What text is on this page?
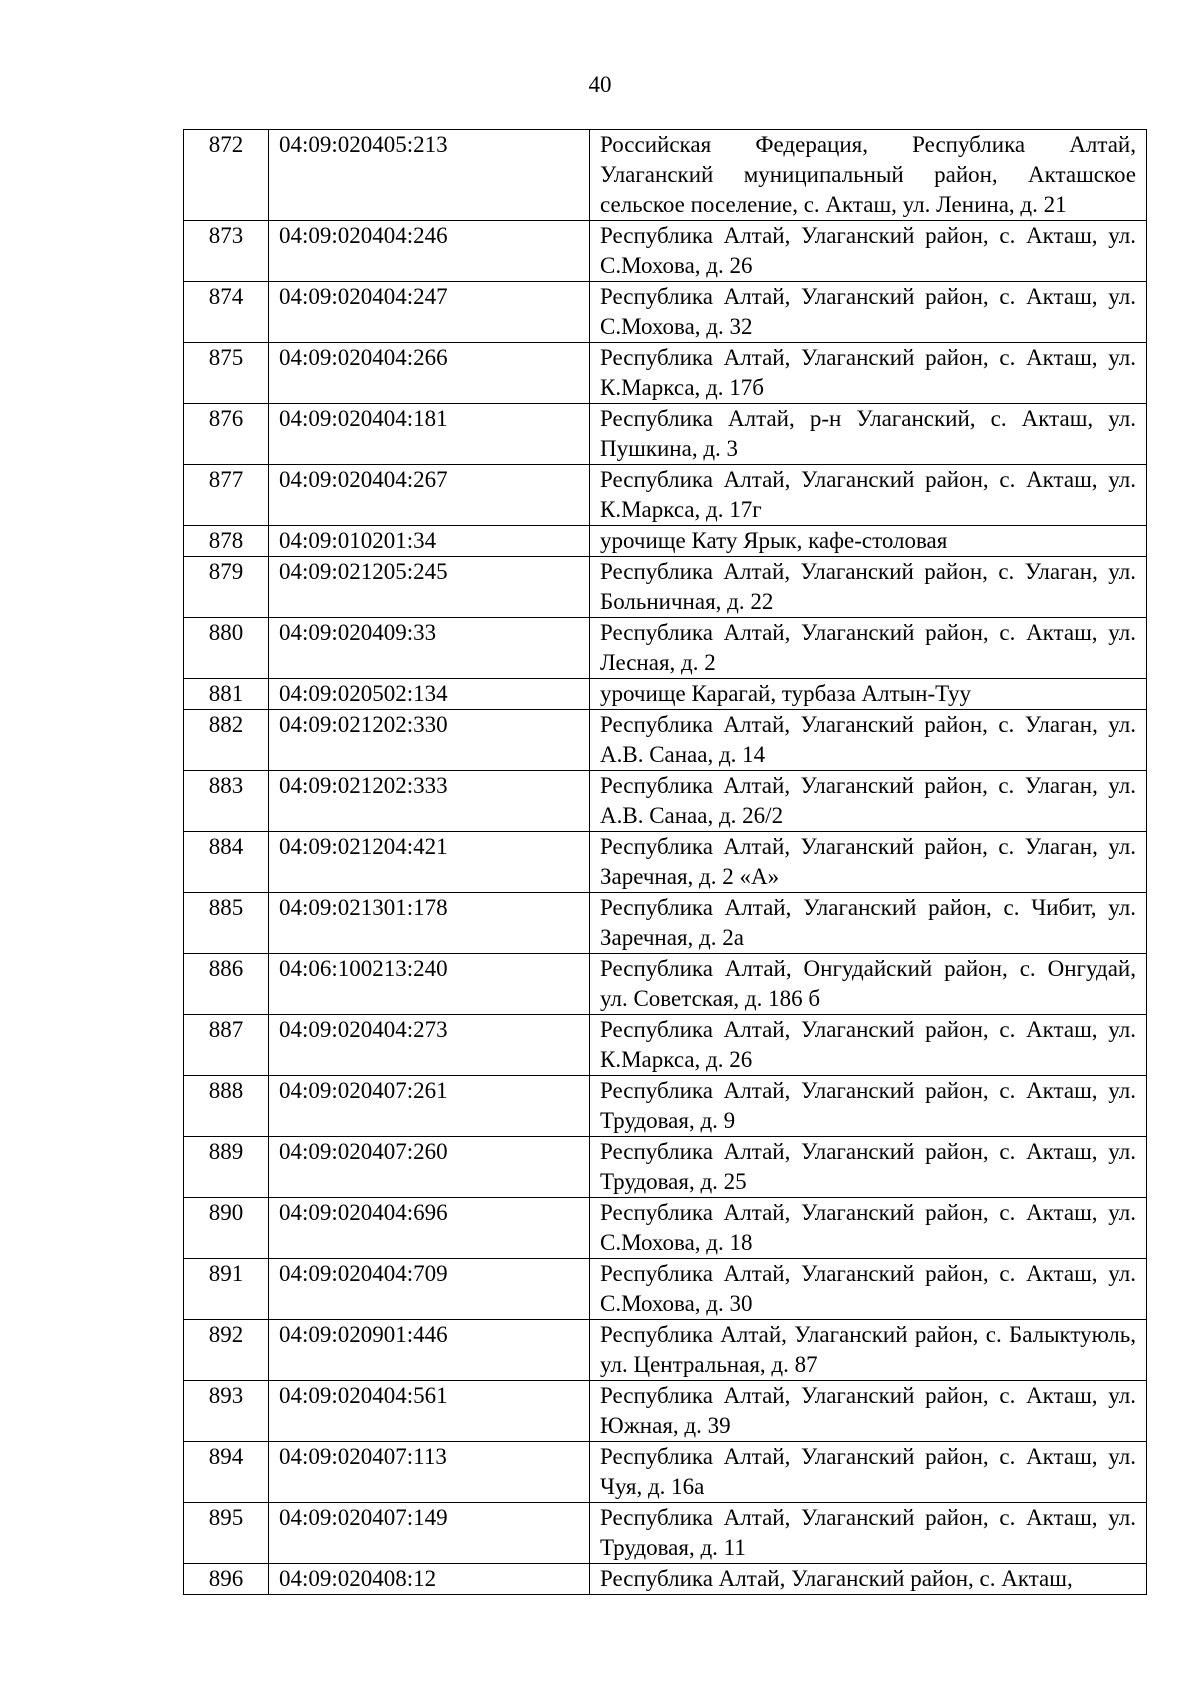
40
872	04:09:020405:213	Российская Федерация, Республика Алтай, Улаганский муниципальный район, Акташское сельское поселение, с. Акташ, ул. Ленина, д. 21
873	04:09:020404:246	Республика Алтай, Улаганский район, с. Акташ, ул. С.Мохова, д. 26
874	04:09:020404:247	Республика Алтай, Улаганский район, с. Акташ, ул. С.Мохова, д. 32
875	04:09:020404:266	Республика Алтай, Улаганский район, с. Акташ, ул. К.Маркса, д. 17б
876	04:09:020404:181	Республика Алтай, р-н Улаганский, с. Акташ, ул. Пушкина, д. 3
877	04:09:020404:267	Республика Алтай, Улаганский район, с. Акташ, ул. К.Маркса, д. 17г
878	04:09:010201:34	урочище Кату Ярык, кафе-столовая
879	04:09:021205:245	Республика Алтай, Улаганский район, с. Улаган, ул. Больничная, д. 22
880	04:09:020409:33	Республика Алтай, Улаганский район, с. Акташ, ул. Лесная, д. 2
881	04:09:020502:134	урочище Карагай, турбаза Алтын-Туу
882	04:09:021202:330	Республика Алтай, Улаганский район, с. Улаган, ул. А.В. Санаа, д. 14
883	04:09:021202:333	Республика Алтай, Улаганский район, с. Улаган, ул. А.В. Санаа, д. 26/2
884	04:09:021204:421	Республика Алтай, Улаганский район, с. Улаган, ул. Заречная, д. 2 «А»
885	04:09:021301:178	Республика Алтай, Улаганский район, с. Чибит, ул. Заречная, д. 2а
886	04:06:100213:240	Республика Алтай, Онгудайский район, с. Онгудай, ул. Советская, д. 186 б
887	04:09:020404:273	Республика Алтай, Улаганский район, с. Акташ, ул. К.Маркса, д. 26
888	04:09:020407:261	Республика Алтай, Улаганский район, с. Акташ, ул. Трудовая, д. 9
889	04:09:020407:260	Республика Алтай, Улаганский район, с. Акташ, ул. Трудовая, д. 25
890	04:09:020404:696	Республика Алтай, Улаганский район, с. Акташ, ул. С.Мохова, д. 18
891	04:09:020404:709	Республика Алтай, Улаганский район, с. Акташ, ул. С.Мохова, д. 30
892	04:09:020901:446	Республика Алтай, Улаганский район, с. Балыктуюль, ул. Центральная, д. 87
893	04:09:020404:561	Республика Алтай, Улаганский район, с. Акташ, ул. Южная, д. 39
894	04:09:020407:113	Республика Алтай, Улаганский район, с. Акташ, ул. Чуя, д. 16а
895	04:09:020407:149	Республика Алтай, Улаганский район, с. Акташ, ул. Трудовая, д. 11
896	04:09:020408:12	Республика Алтай, Улаганский район, с. Акташ,
